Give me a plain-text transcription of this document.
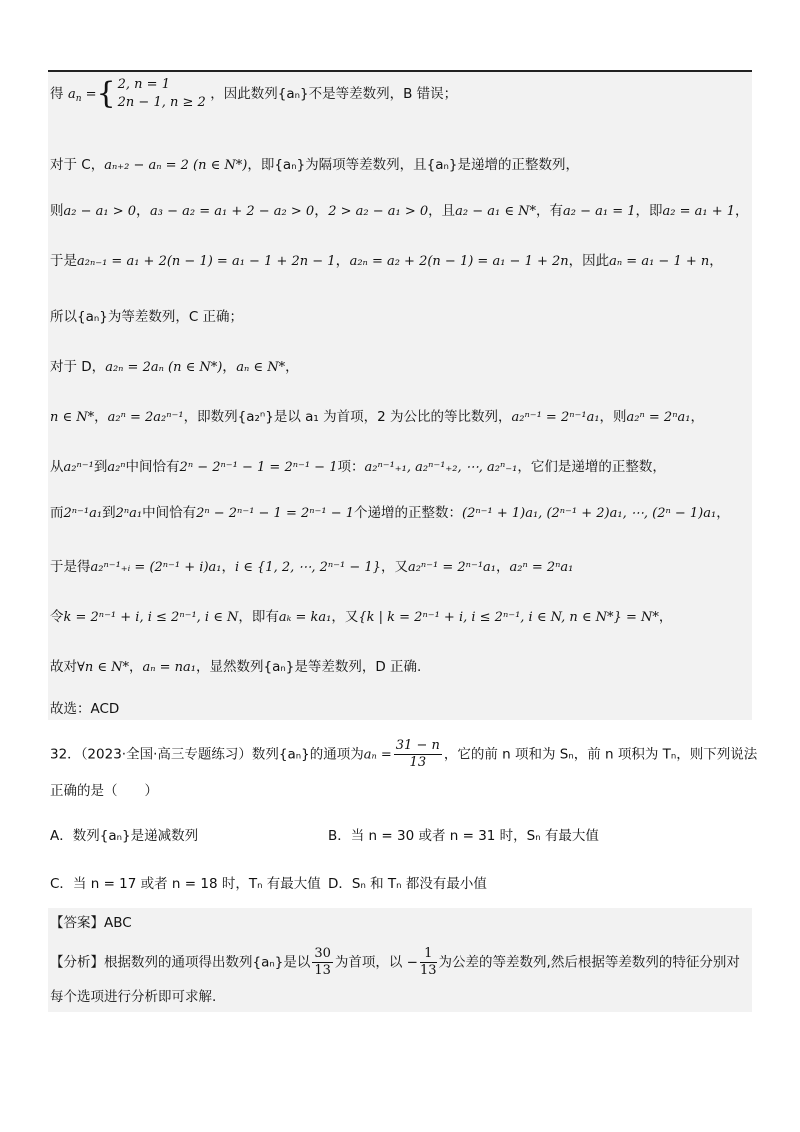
得 $a_n$ ={ 2, n = 1
2n − 1, n ≥ 2
，因此数列{aₙ}不是等差数列，B 错误；
对于 C，aₙ₊₂ − aₙ = 2 (n ∈ N*)，即{aₙ}为隔项等差数列，且{aₙ}是递增的正整数列，
则a₂ − a₁ > 0，a₃ − a₂ = a₁ + 2 − a₂ > 0，2 > a₂ − a₁ > 0，且a₂ − a₁ ∈ N*，有a₂ − a₁ = 1，即a₂ = a₁ + 1，
于是a₂ₙ₋₁ = a₁ + 2(n − 1) = a₁ − 1 + 2n − 1，a₂ₙ = a₂ + 2(n − 1) = a₁ − 1 + 2n，因此aₙ = a₁ − 1 + n，
所以{aₙ}为等差数列，C 正确；
对于 D，a₂ₙ = 2aₙ (n ∈ N*)，aₙ ∈ N*，
n ∈ N*，a₂ⁿ = 2a₂ⁿ⁻¹，即数列{a₂ⁿ}是以 a₁ 为首项，2 为公比的等比数列，a₂ⁿ⁻¹ = 2ⁿ⁻¹a₁，则a₂ⁿ = 2ⁿa₁，
从a₂ⁿ⁻¹到a₂ⁿ中间恰有2ⁿ − 2ⁿ⁻¹ − 1 = 2ⁿ⁻¹ − 1项：a₂ⁿ⁻¹₊₁, a₂ⁿ⁻¹₊₂, ⋯, a₂ⁿ₋₁，它们是递增的正整数，
而2ⁿ⁻¹a₁到2ⁿa₁中间恰有2ⁿ − 2ⁿ⁻¹ − 1 = 2ⁿ⁻¹ − 1个递增的正整数：(2ⁿ⁻¹ + 1)a₁, (2ⁿ⁻¹ + 2)a₁, ⋯, (2ⁿ − 1)a₁，
于是得a₂ⁿ⁻¹₊ᵢ = (2ⁿ⁻¹ + i)a₁，i ∈ {1, 2, ⋯, 2ⁿ⁻¹ − 1}，又a₂ⁿ⁻¹ = 2ⁿ⁻¹a₁，a₂ⁿ = 2ⁿa₁
令k = 2ⁿ⁻¹ + i, i ≤ 2ⁿ⁻¹, i ∈ N，即有aₖ = ka₁，又{k | k = 2ⁿ⁻¹ + i, i ≤ 2ⁿ⁻¹, i ∈ N, n ∈ N*} = N*，
故对∀n ∈ N*，aₙ = na₁，显然数列{aₙ}是等差数列，D 正确.
故选：ACD
32．（2023·全国·高三专题练习）数列{aₙ}的通项为$a_n = \frac{31 - n}{13}$ ，它的前 n 项和为 Sₙ，前 n 项积为 Tₙ，则下列说法
正确的是（　　）
A．数列{aₙ}是递减数列	B．当 n = 30 或者 n = 31 时，Sₙ 有最大值
C．当 n = 17 或者 n = 18 时，Tₙ 有最大值 D．Sₙ 和 Tₙ 都没有最小值
【答案】ABC
【分析】根据数列的通项得出数列{aₙ}是以 $\frac{30}{13}$ 为首项，以 − $\frac{1}{13}$ 为公差的等差数列,然后根据等差数列的特征分别对
每个选项进行分析即可求解.
